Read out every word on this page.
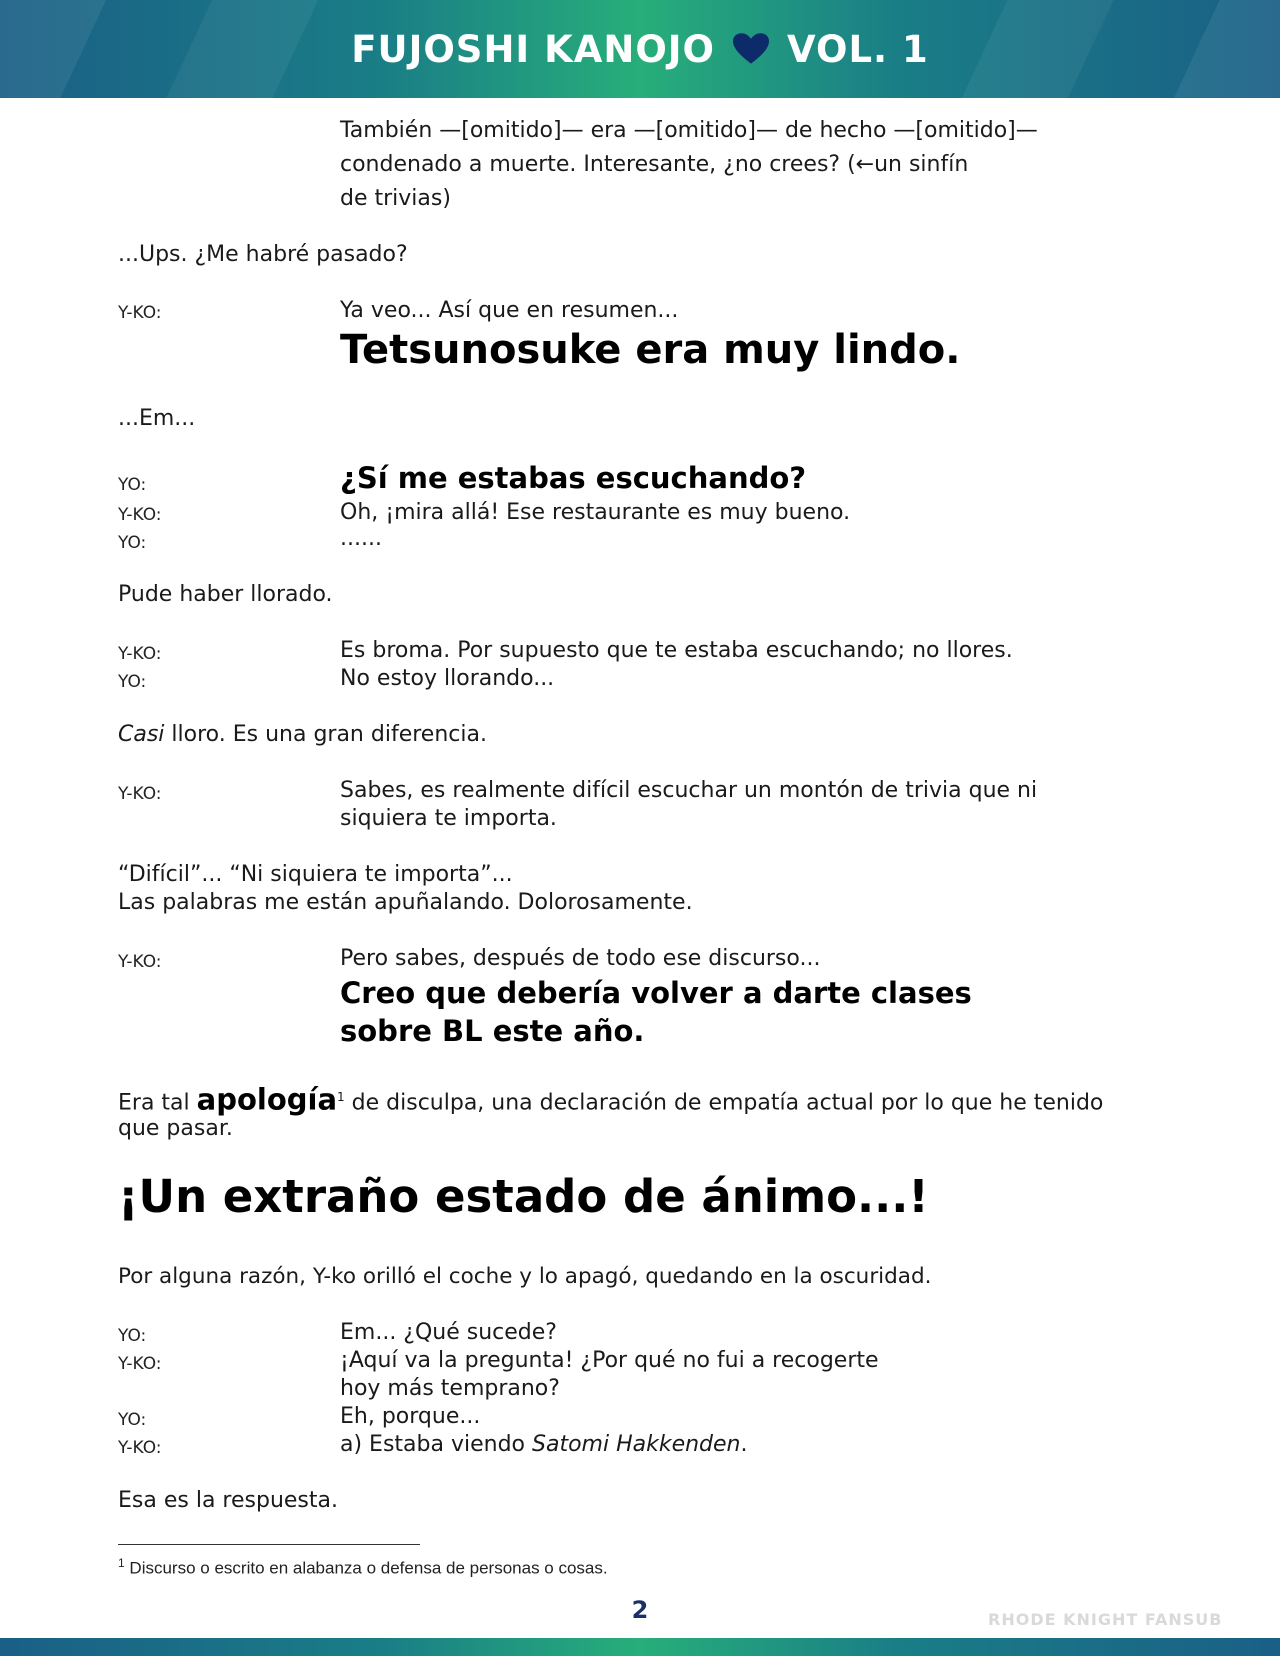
FUJOSHI KANOJO VOL. 1
También —[omitido]— era —[omitido]— de hecho —[omitido]—
condenado a muerte. Interesante, ¿no crees? (←un sinfín
de trivias)
...Ups. ¿Me habré pasado?
Y-KO:	Ya veo... Así que en resumen...
Tetsunosuke era muy lindo.
...Em...
YO:	¿Sí me estabas escuchando?
Y-KO:	Oh, ¡mira allá! Ese restaurante es muy bueno.
YO:	......
Pude haber llorado.
Y-KO:	Es broma. Por supuesto que te estaba escuchando; no llores.
YO:	No estoy llorando...
Casi lloro. Es una gran diferencia.
Y-KO:	Sabes, es realmente difícil escuchar un montón de trivia que ni
siquiera te importa.
“Difícil”... “Ni siquiera te importa”...
Las palabras me están apuñalando. Dolorosamente.
Y-KO:	Pero sabes, después de todo ese discurso...
Creo que debería volver a darte clases
sobre BL este año.
Era tal apología$^1$ de disculpa, una declaración de empatía actual por lo que he tenido
que pasar.
¡Un extraño estado de ánimo...!
Por alguna razón, Y-ko orilló el coche y lo apagó, quedando en la oscuridad.
YO:	Em... ¿Qué sucede?
Y-KO:	¡Aquí va la pregunta! ¿Por qué no fui a recogerte
hoy más temprano?
YO:	Eh, porque...
Y-KO:	a) Estaba viendo Satomi Hakkenden.
Esa es la respuesta.
$^1$ Discurso o escrito en alabanza o defensa de personas o cosas.
2	RHODE KNIGHT FANSUB
